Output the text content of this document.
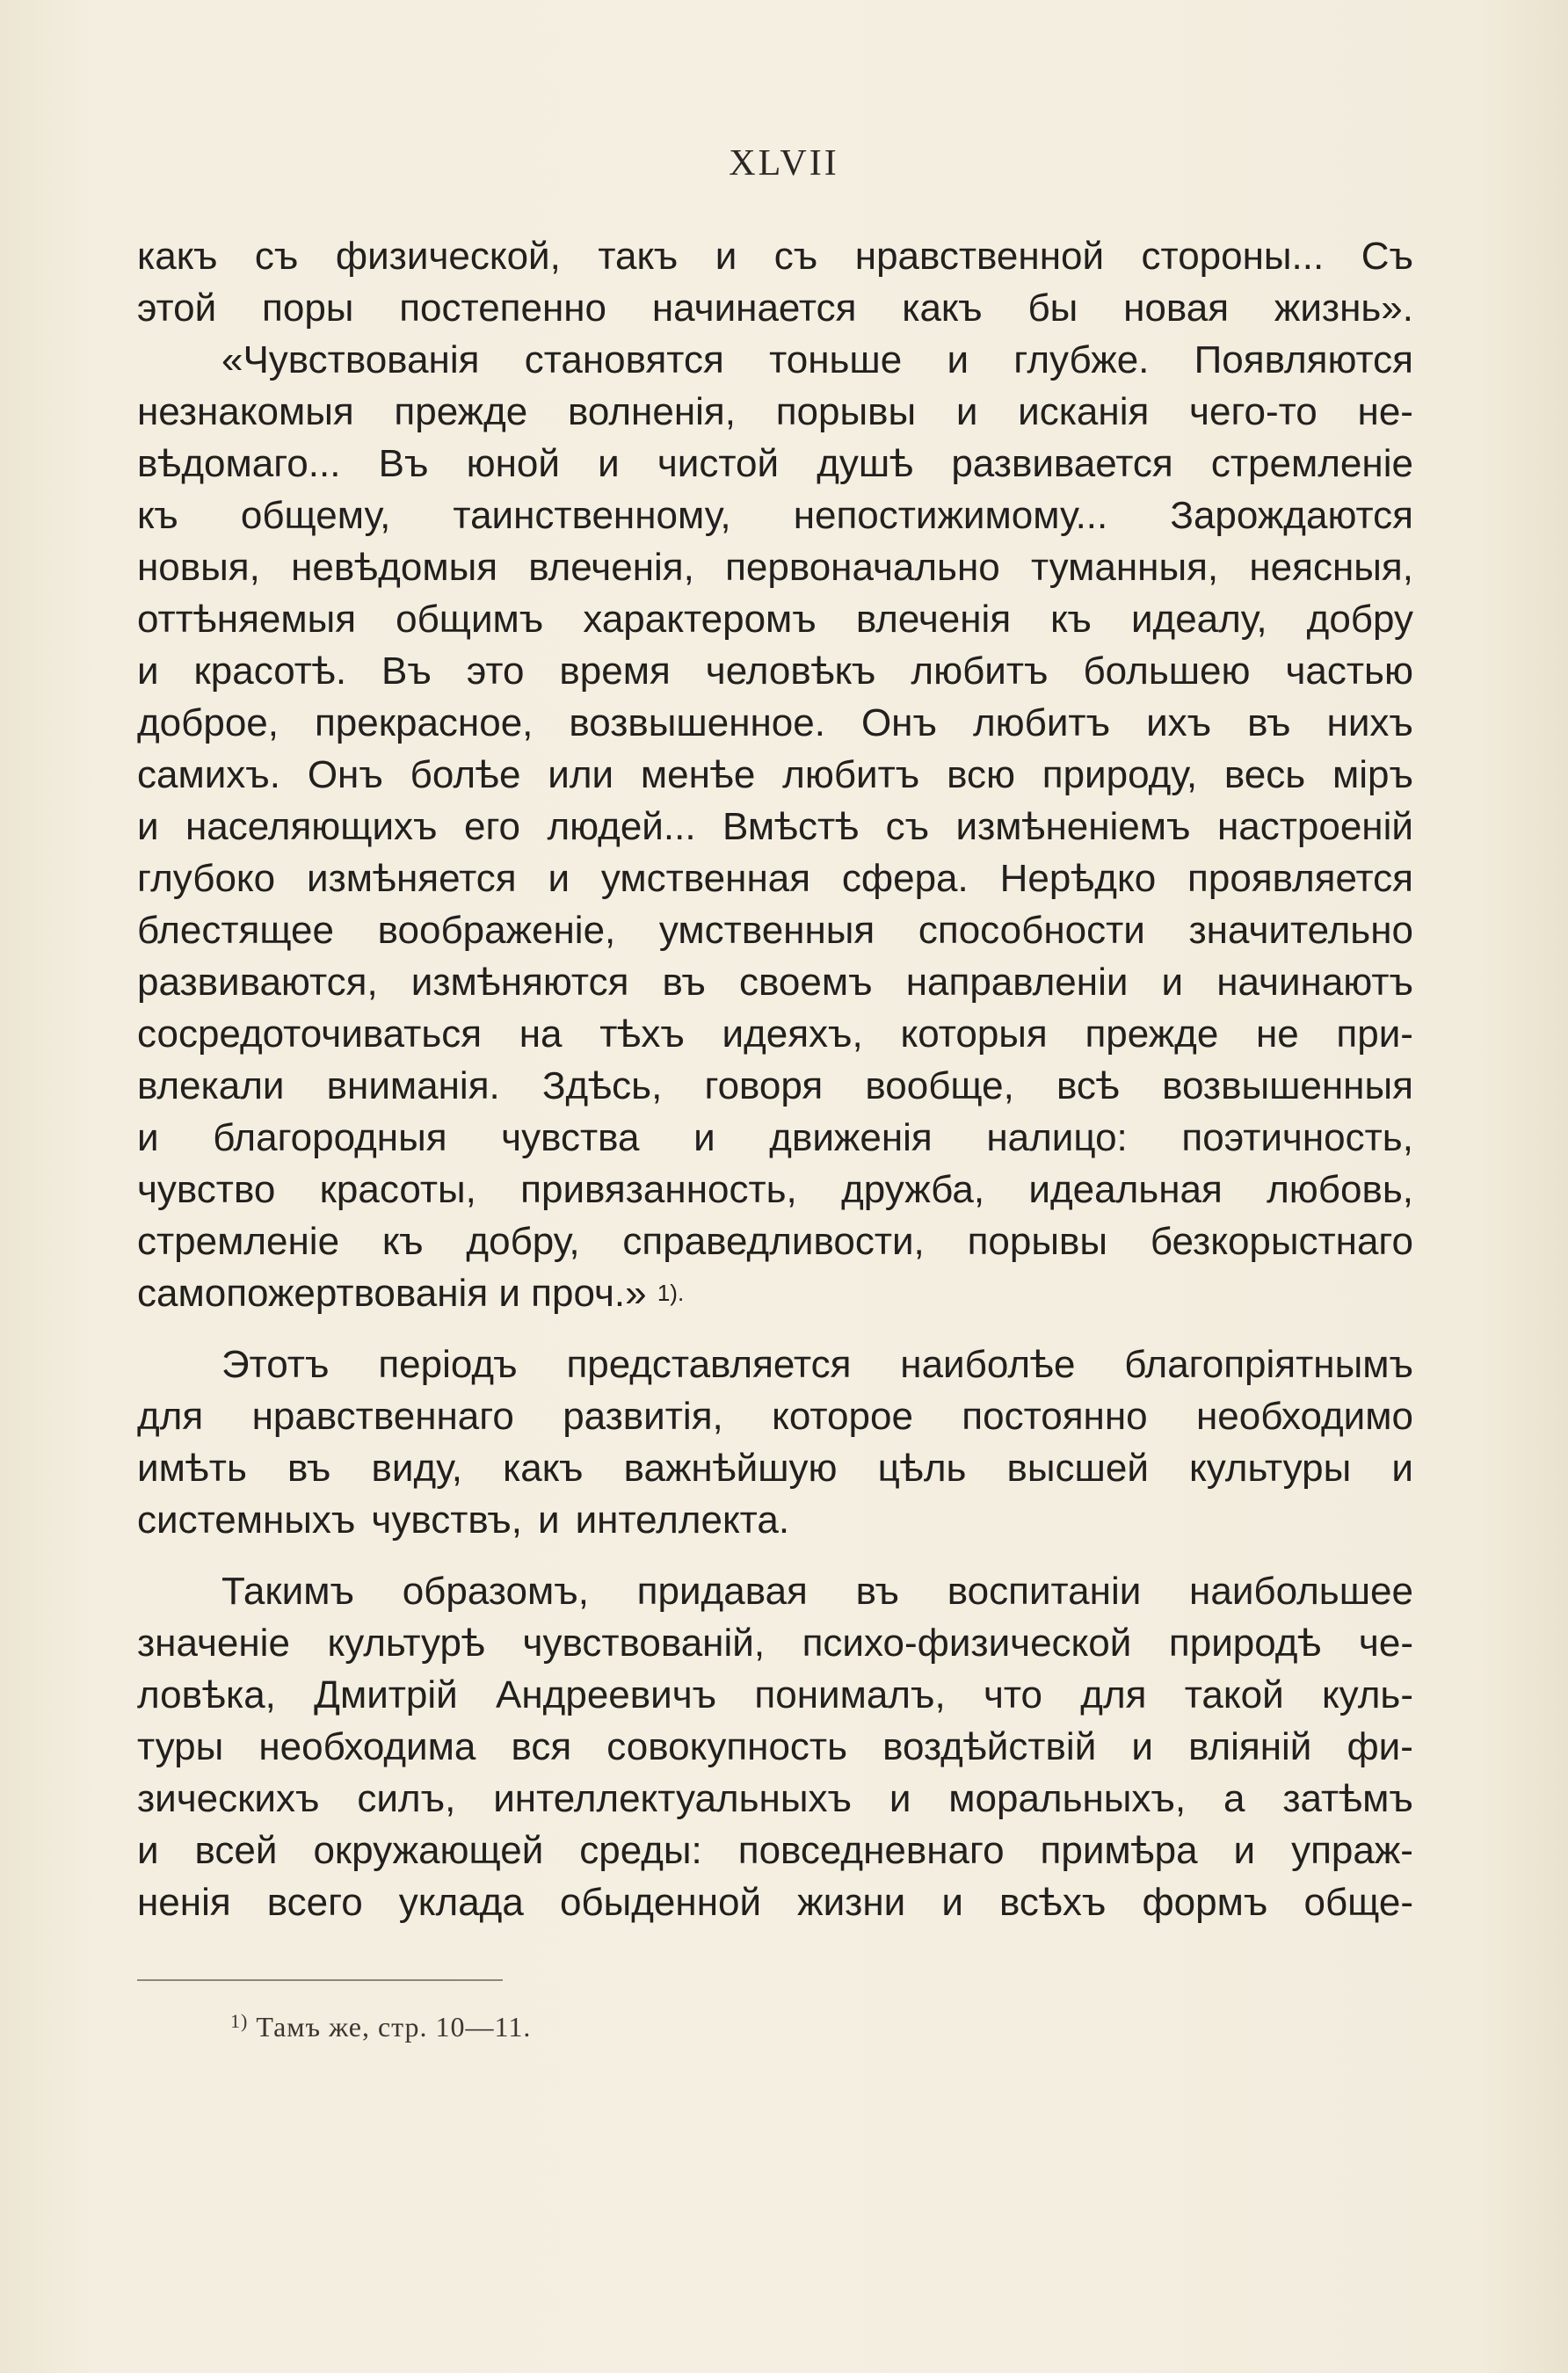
XLVII
какъ съ физической, такъ и съ нравственной стороны... Съ
этой поры постепенно начинается какъ бы новая жизнь».
«Чувствованія становятся тоньше и глубже. Появляются
незнакомыя прежде волненія, порывы и исканія чего-то не-
вѣдомаго... Въ юной и чистой душѣ развивается стремленіе
къ общему, таинственному, непостижимому... Зарождаются
новыя, невѣдомыя влеченія, первоначально туманныя, неясныя,
оттѣняемыя общимъ характеромъ влеченія къ идеалу, добру
и красотѣ. Въ это время человѣкъ любитъ большею частью
доброе, прекрасное, возвышенное. Онъ любитъ ихъ въ нихъ
самихъ. Онъ болѣе или менѣе любитъ всю природу, весь міръ
и населяющихъ его людей... Вмѣстѣ съ измѣненіемъ настроеній
глубоко измѣняется и умственная сфера. Нерѣдко проявляется
блестящее воображеніе, умственныя способности значительно
развиваются, измѣняются въ своемъ направленіи и начинаютъ
сосредоточиваться на тѣхъ идеяхъ, которыя прежде не при-
влекали вниманія. Здѣсь, говоря вообще, всѣ возвышенныя
и благородныя чувства и движенія налицо: поэтичность,
чувство красоты, привязанность, дружба, идеальная любовь,
стремленіе къ добру, справедливости, порывы безкорыстнаго
самопожертвованія и проч.»
1).
Этотъ періодъ представляется наиболѣе благопріятнымъ
для нравственнаго развитія, которое постоянно необходимо
имѣть въ виду, какъ важнѣйшую цѣль высшей культуры и
системныхъ чувствъ, и интеллекта.
Такимъ образомъ, придавая въ воспитаніи наибольшее
значеніе культурѣ чувствованій, психо-физической природѣ че-
ловѣка, Дмитрій Андреевичъ понималъ, что для такой куль-
туры необходима вся совокупность воздѣйствій и вліяній фи-
зическихъ силъ, интеллектуальныхъ и моральныхъ, а затѣмъ
и всей окружающей среды: повседневнаго примѣра и упраж-
ненія всего уклада обыденной жизни и всѣхъ формъ обще-
$^{1)}$ Тамъ же, стр. 10—11.
